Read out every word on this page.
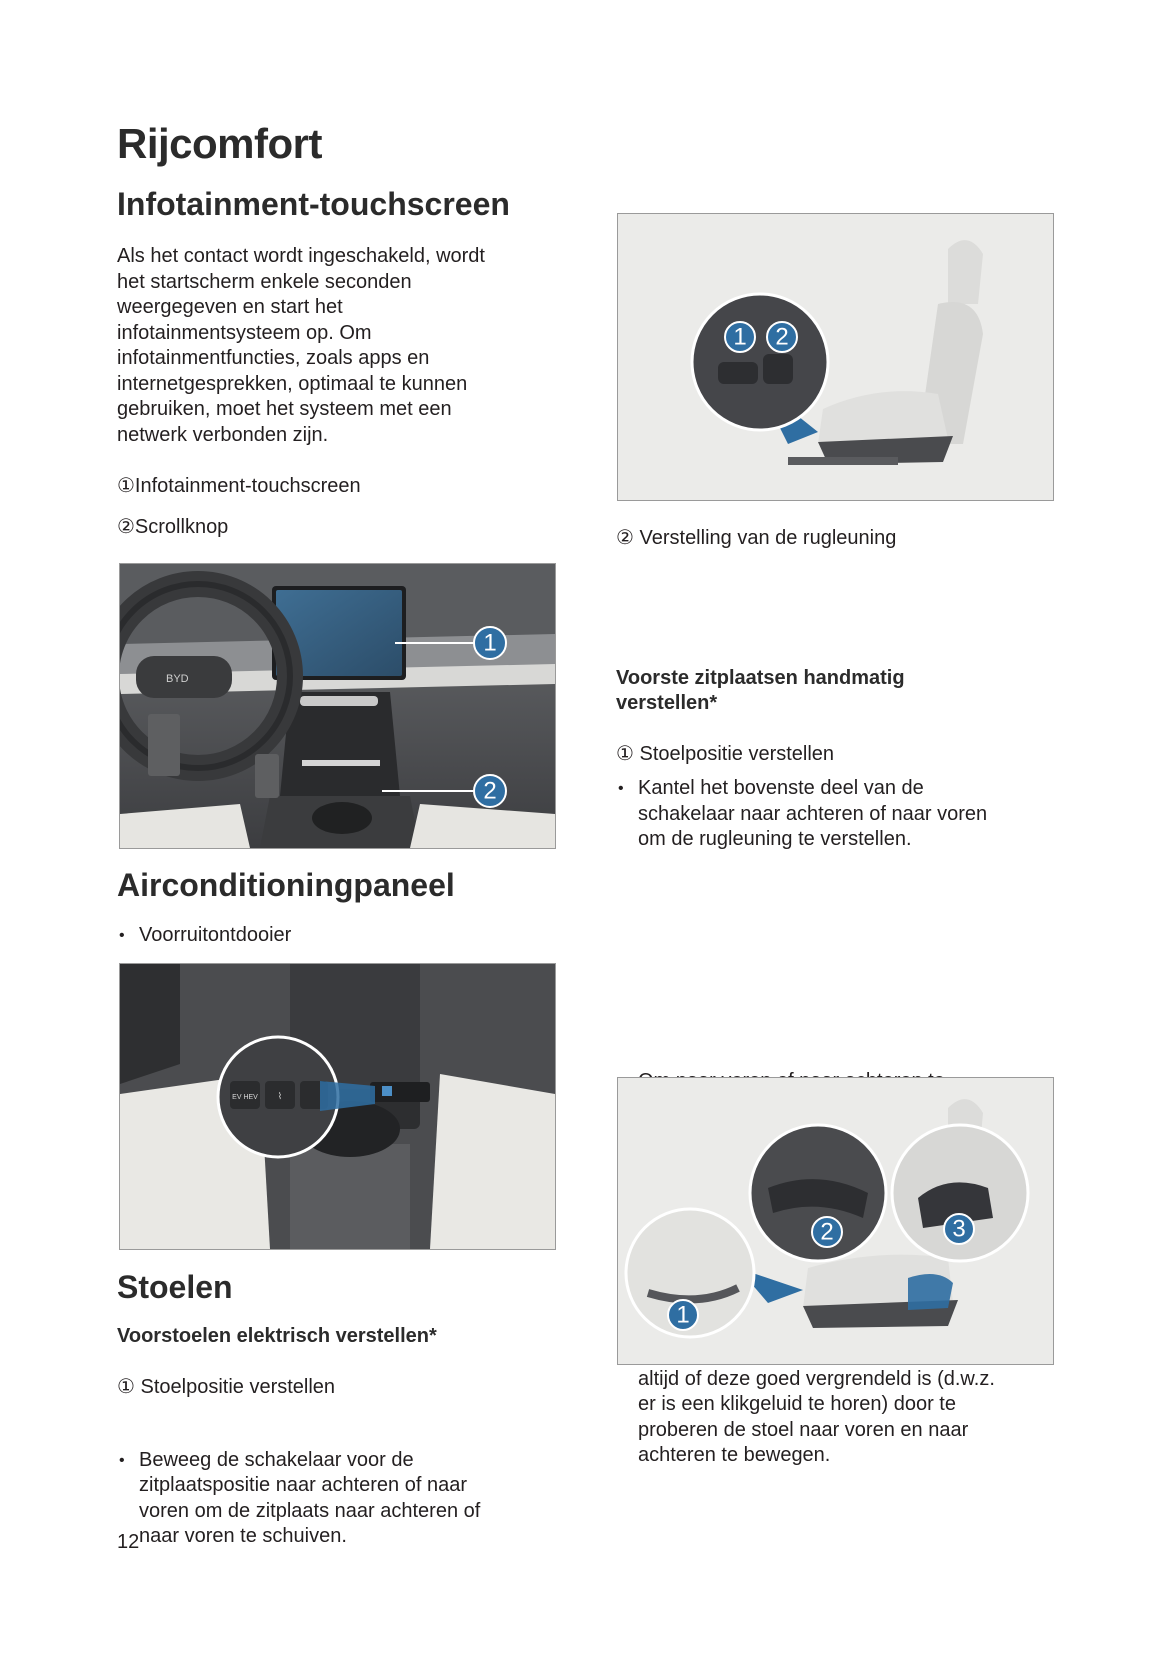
Rijcomfort
Infotainment-touchscreen
Als het contact wordt ingeschakeld, wordt
het startscherm enkele seconden
weergegeven en start het
infotainmentsysteem op. Om
infotainmentfuncties, zoals apps en
internetgesprekken, optimaal te kunnen
gebruiken, moet het systeem met een
netwerk verbonden zijn.
①Infotainment-touchscreen
②Scrollknop
BYD
1
2
Airconditioningpaneel
• Voorruitontdooier
EV HEV ⌇
Stoelen
Voorstoelen elektrisch verstellen*
① Stoelpositie verstellen
• Beweeg de schakelaar voor de
zitplaatspositie naar achteren of naar
voren om de zitplaats naar achteren of
naar voren te schuiven.
12
1 2
② Verstelling van de rugleuning
• Kantel het bovenste deel van de
schakelaar naar achteren of naar voren
om de rugleuning te verstellen.
Voorste zitplaatsen handmatig
verstellen*
① Stoelpositie verstellen
altijd of deze goed vergrendeld is (d.w.z.
er is een klikgeluid te horen) door te
proberen de stoel naar voren en naar
achteren te bewegen.
1
2	3
